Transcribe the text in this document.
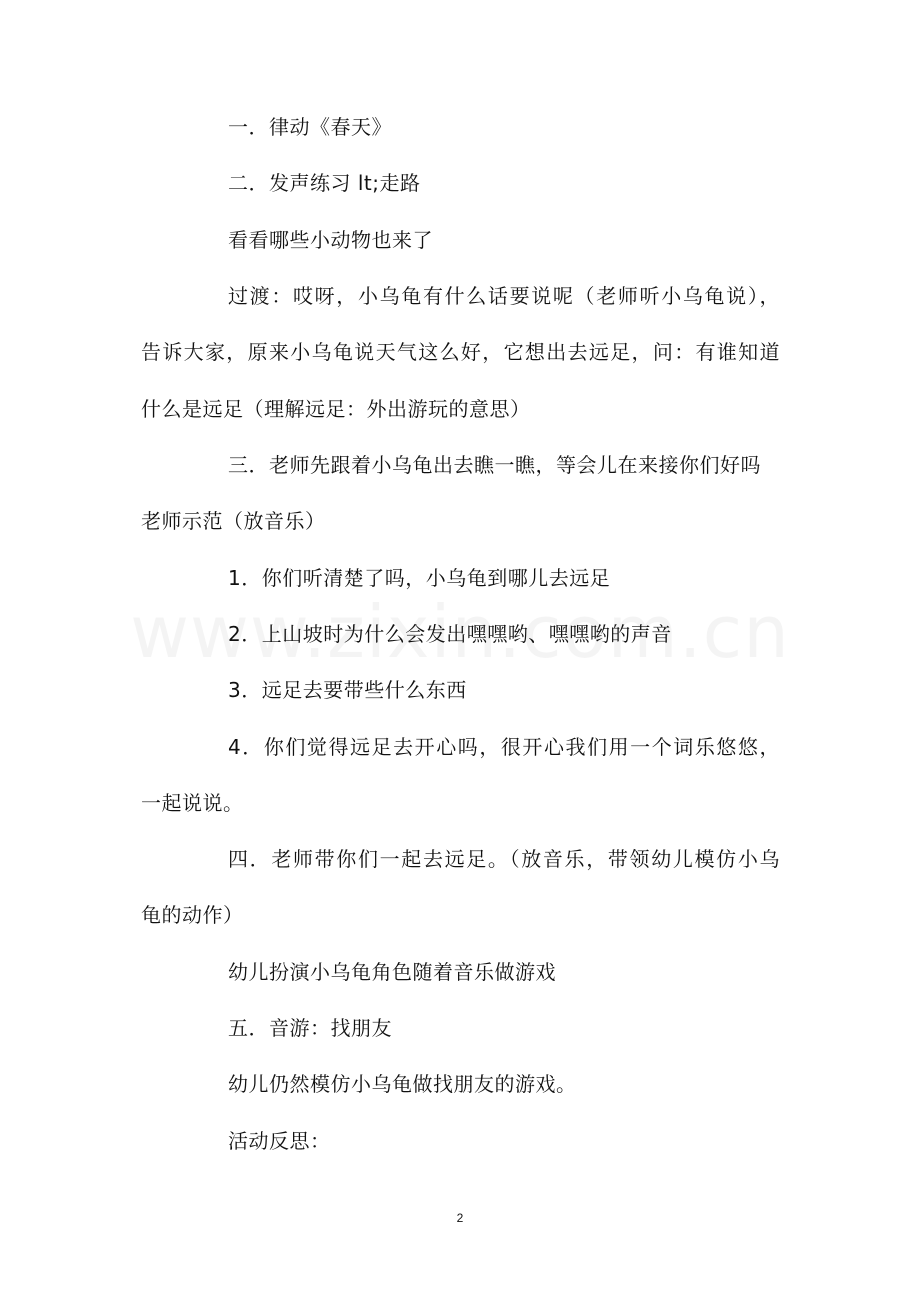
一．律动《春天》
二．发声练习 lt;走路
看看哪些小动物也来了
过渡：哎呀，小乌龟有什么话要说呢（老师听小乌龟说），
告诉大家，原来小乌龟说天气这么好，它想出去远足，问：有谁知道
什么是远足（理解远足：外出游玩的意思）
三．老师先跟着小乌龟出去瞧一瞧，等会儿在来接你们好吗
老师示范（放音乐）
1．你们听清楚了吗，小乌龟到哪儿去远足
2．上山坡时为什么会发出嘿嘿哟、嘿嘿哟的声音
3．远足去要带些什么东西
4．你们觉得远足去开心吗，很开心我们用一个词乐悠悠，
一起说说。
四．老师带你们一起去远足。（放音乐，带领幼儿模仿小乌
龟的动作）
幼儿扮演小乌龟角色随着音乐做游戏
五．音游：找朋友
幼儿仍然模仿小乌龟做找朋友的游戏。
活动反思：
2
